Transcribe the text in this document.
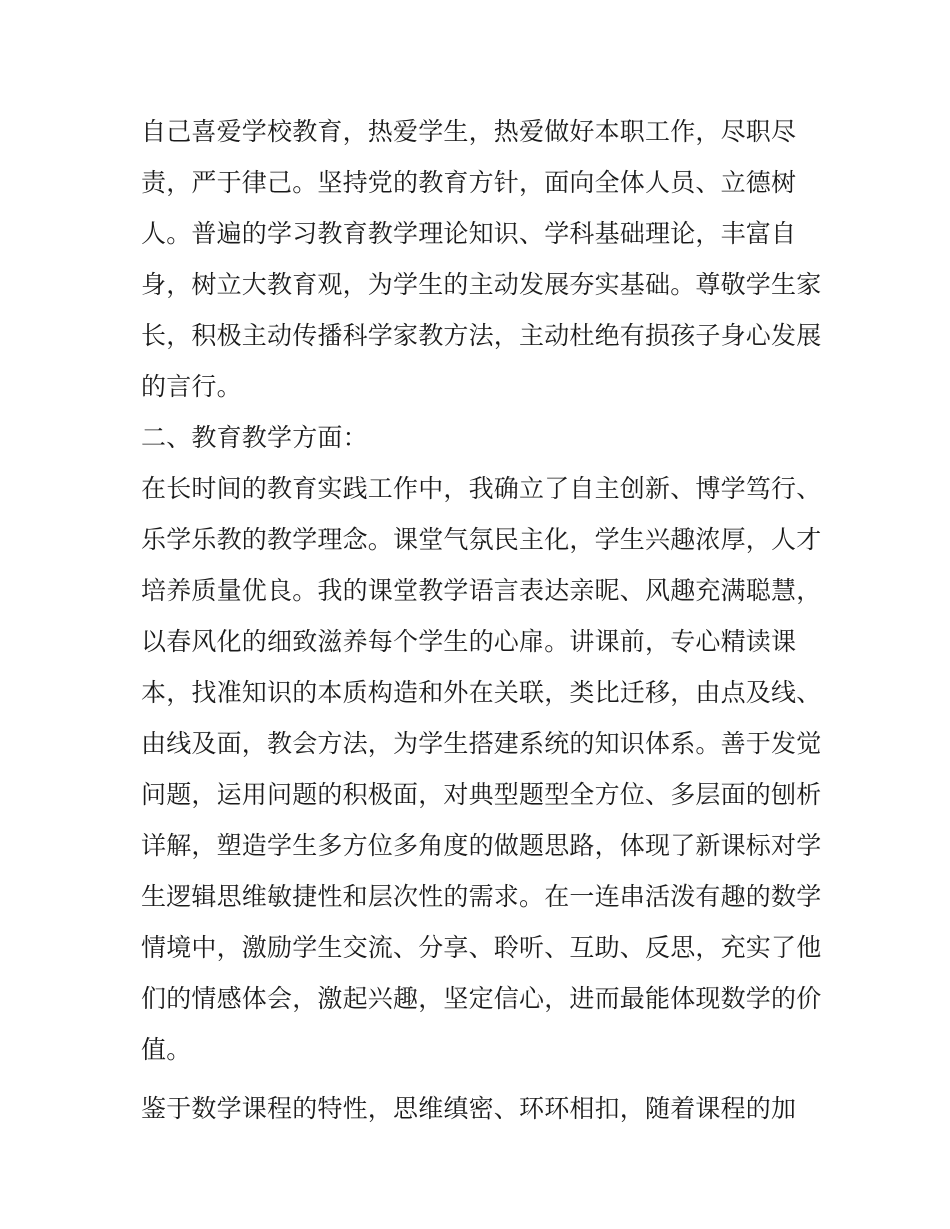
自己喜爱学校教育，热爱学生，热爱做好本职工作，尽职尽
责，严于律己。坚持党的教育方针，面向全体人员、立德树
人。普遍的学习教育教学理论知识、学科基础理论，丰富自
身，树立大教育观，为学生的主动发展夯实基础。尊敬学生家
长，积极主动传播科学家教方法，主动杜绝有损孩子身心发展
的言行。
二、教育教学方面：
在长时间的教育实践工作中，我确立了自主创新、博学笃行、
乐学乐教的教学理念。课堂气氛民主化，学生兴趣浓厚，人才
培养质量优良。我的课堂教学语言表达亲昵、风趣充满聪慧，
以春风化的细致滋养每个学生的心扉。讲课前，专心精读课
本，找准知识的本质构造和外在关联，类比迁移，由点及线、
由线及面，教会方法，为学生搭建系统的知识体系。善于发觉
问题，运用问题的积极面，对典型题型全方位、多层面的刨析
详解，塑造学生多方位多角度的做题思路，体现了新课标对学
生逻辑思维敏捷性和层次性的需求。在一连串活泼有趣的数学
情境中，激励学生交流、分享、聆听、互助、反思，充实了他
们的情感体会，激起兴趣，坚定信心，进而最能体现数学的价
值。
鉴于数学课程的特性，思维缜密、环环相扣，随着课程的加
